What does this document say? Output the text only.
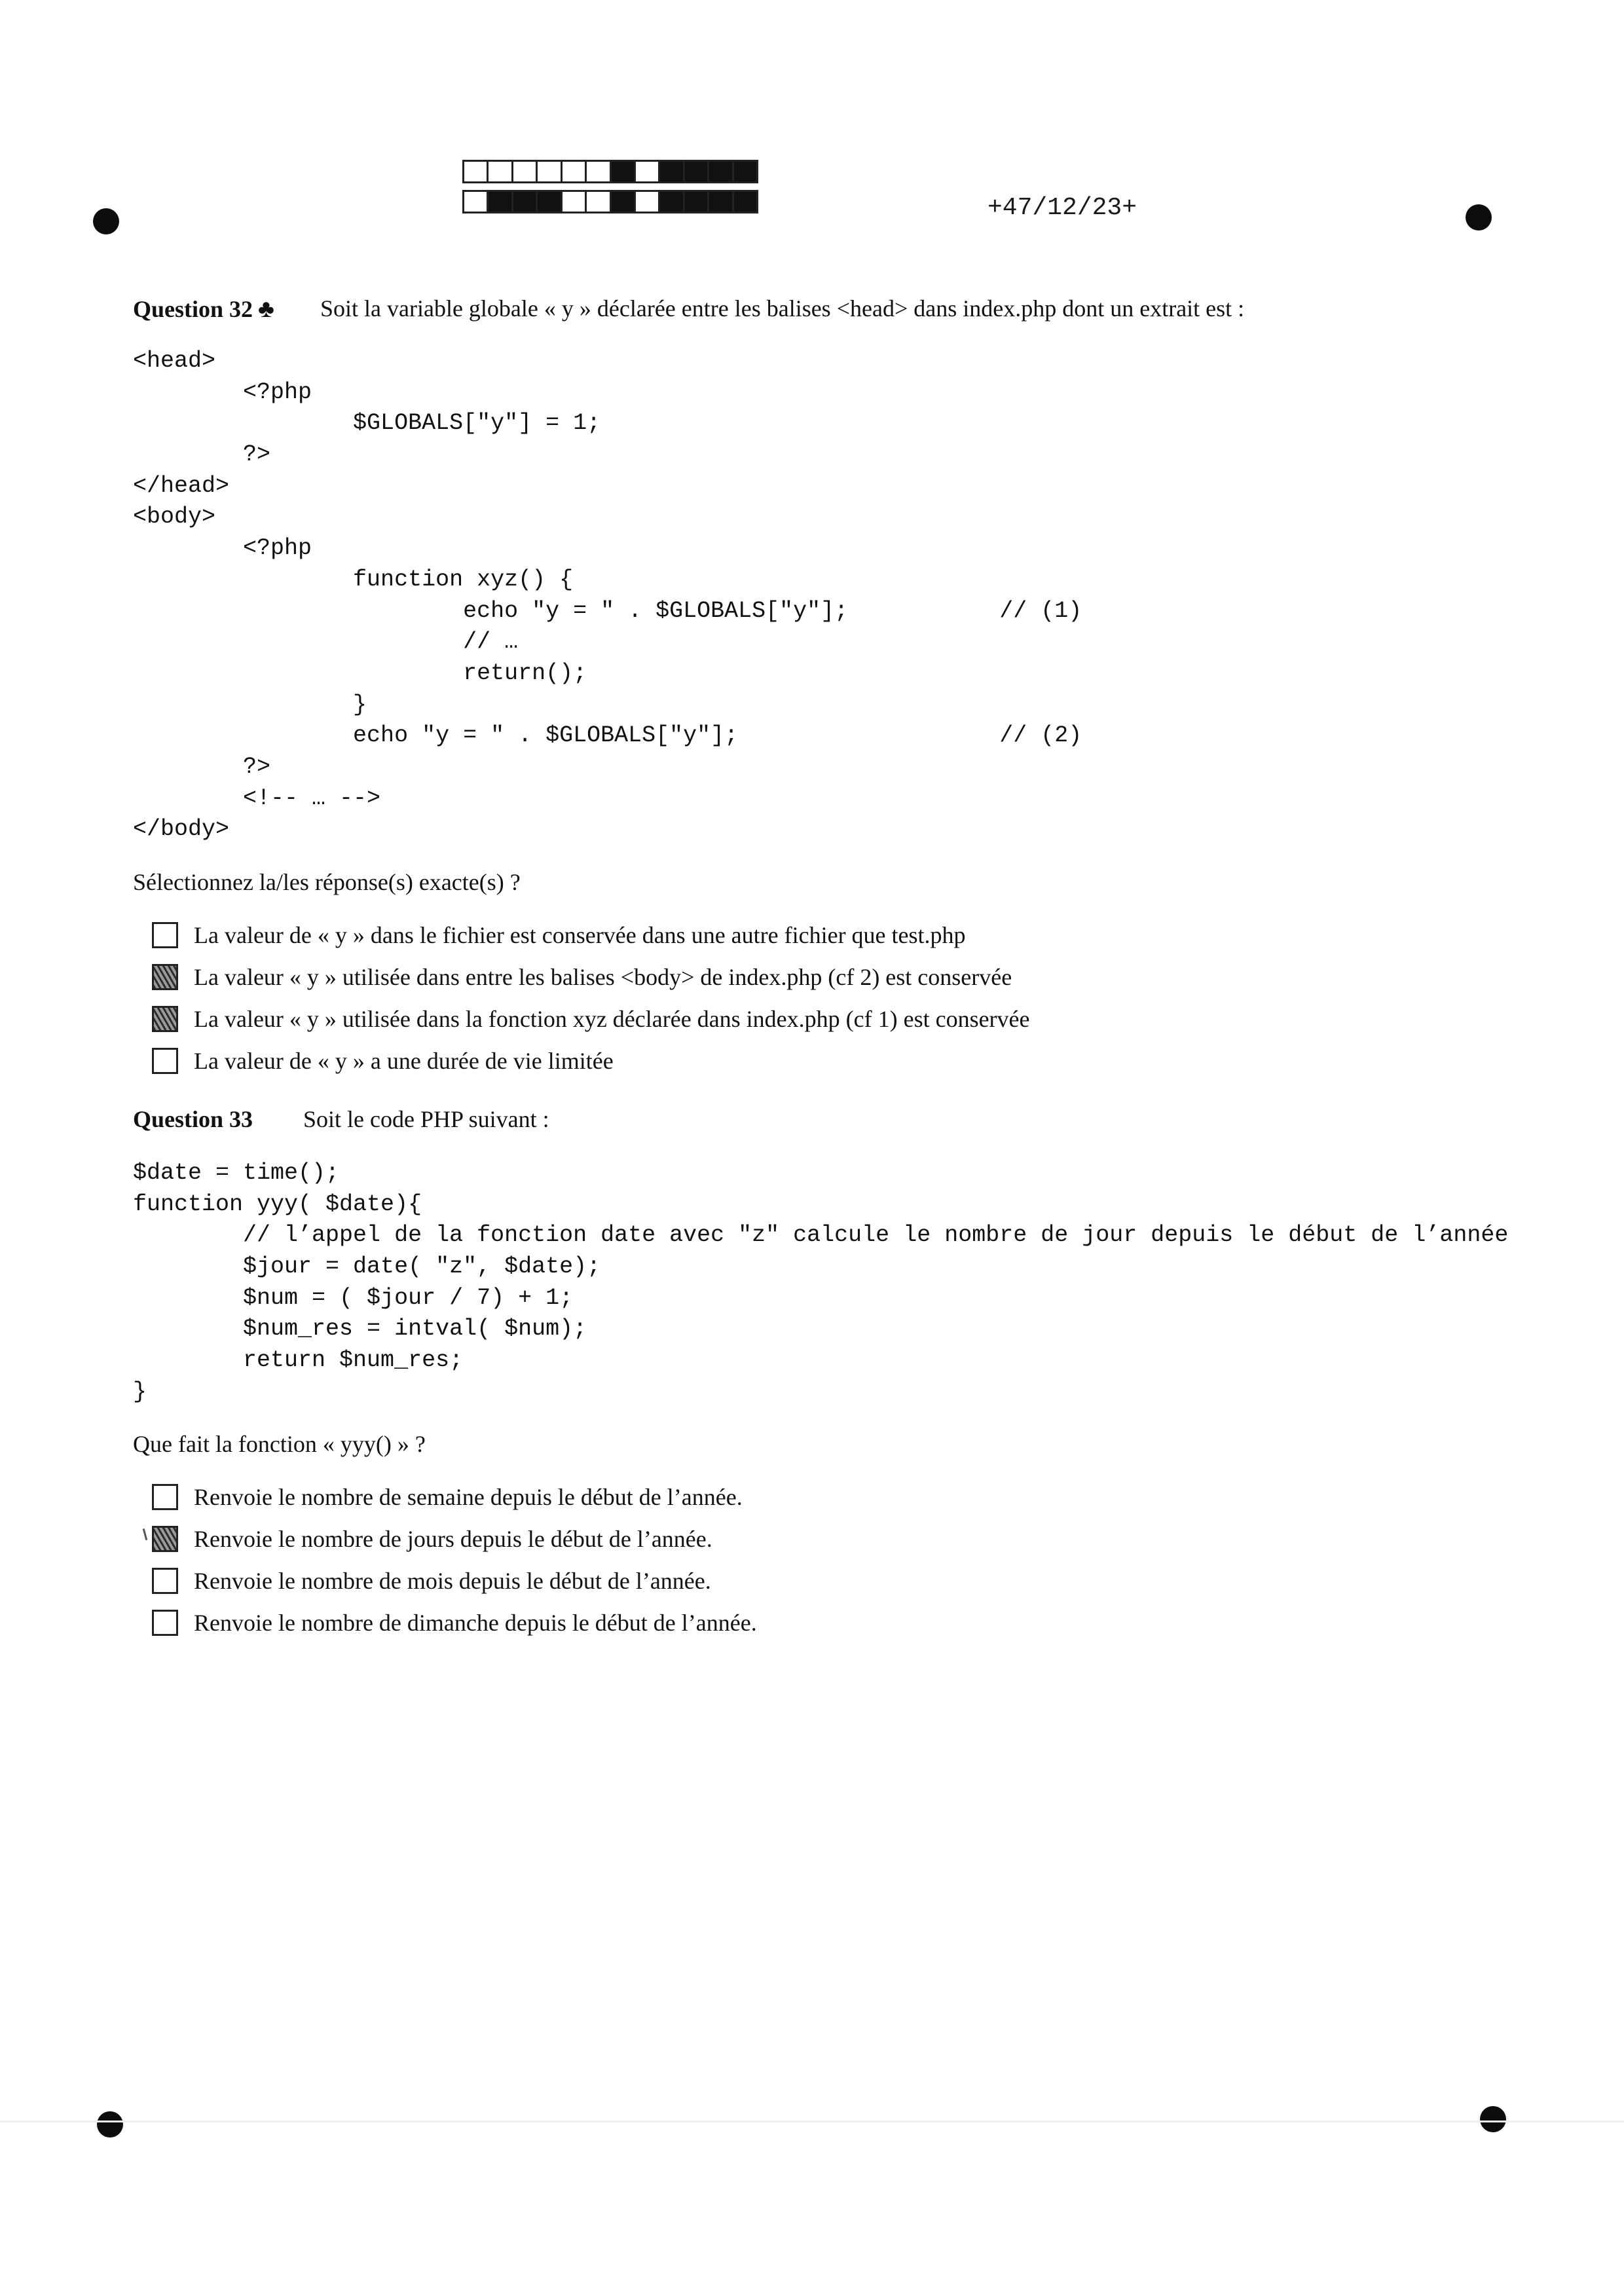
+47/12/23+
Question 32 ♣ Soit la variable globale « y » déclarée entre les balises <head> dans index.php dont un extrait est :
<head>
<?php
$GLOBALS["y"] = 1;
?>
</head>
<body>
<?php
function xyz() {
echo "y = " . $GLOBALS["y"];           // (1)
// …
return();
}
echo "y = " . $GLOBALS["y"];                   // (2)
?>
<!-- … -->
</body>
Sélectionnez la/les réponse(s) exacte(s) ?
La valeur de « y » dans le fichier est conservée dans une autre fichier que test.php
La valeur « y » utilisée dans entre les balises <body> de index.php (cf 2) est conservée
La valeur « y » utilisée dans la fonction xyz déclarée dans index.php (cf 1) est conservée
La valeur de « y » a une durée de vie limitée
Question 33 Soit le code PHP suivant :
$date = time();
function yyy( $date){
// l’appel de la fonction date avec "z" calcule le nombre de jour depuis le début de l’année
$jour = date( "z", $date);
$num = ( $jour / 7) + 1;
$num_res = intval( $num);
return $num_res;
}
Que fait la fonction « yyy() » ?
Renvoie le nombre de semaine depuis le début de l’année.
Renvoie le nombre de jours depuis le début de l’année.
Renvoie le nombre de mois depuis le début de l’année.
Renvoie le nombre de dimanche depuis le début de l’année.
